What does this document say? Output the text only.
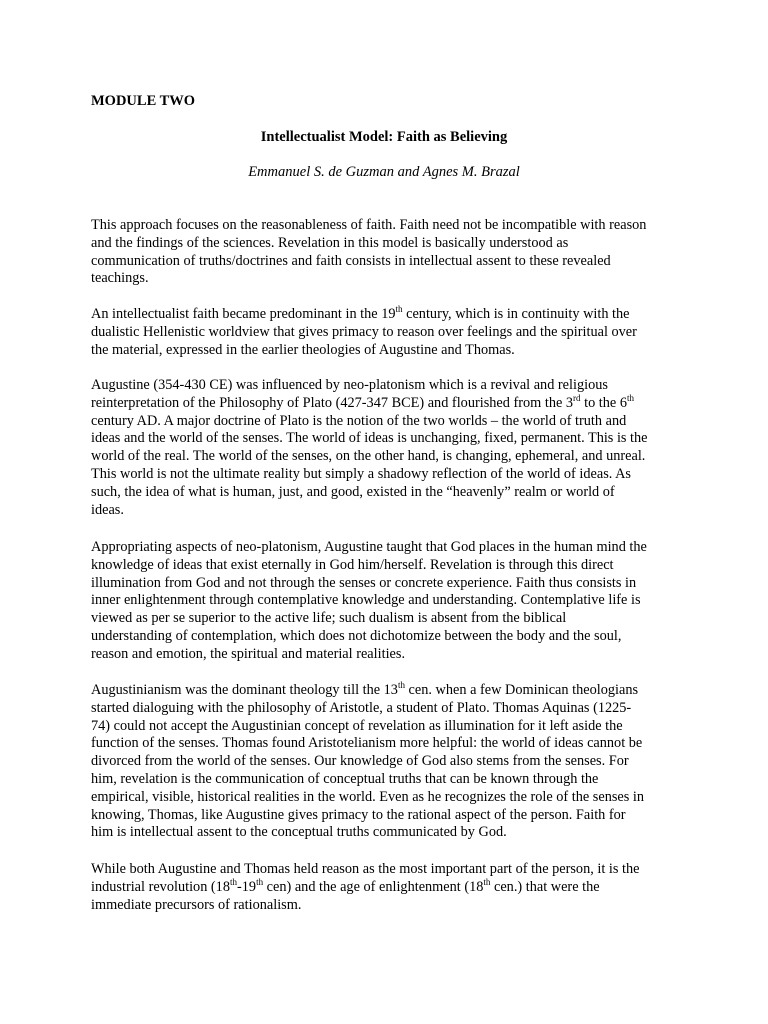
MODULE TWO

Intellectualist Model: Faith as Believing

Emmanuel S. de Guzman and Agnes M. Brazal

This approach focuses on the reasonableness of faith. Faith need not be incompatible with reason
and the findings of the sciences. Revelation in this model is basically understood as
communication of truths/doctrines and faith consists in intellectual assent to these revealed
teachings.

An intellectualist faith became predominant in the 19th century, which is in continuity with the
dualistic Hellenistic worldview that gives primacy to reason over feelings and the spiritual over
the material, expressed in the earlier theologies of Augustine and Thomas.

Augustine (354-430 CE) was influenced by neo-platonism which is a revival and religious
reinterpretation of the Philosophy of Plato (427-347 BCE) and flourished from the 3rd to the 6th
century AD. A major doctrine of Plato is the notion of the two worlds – the world of truth and
ideas and the world of the senses. The world of ideas is unchanging, fixed, permanent. This is the
world of the real. The world of the senses, on the other hand, is changing, ephemeral, and unreal.
This world is not the ultimate reality but simply a shadowy reflection of the world of ideas. As
such, the idea of what is human, just, and good, existed in the “heavenly” realm or world of
ideas.

Appropriating aspects of neo-platonism, Augustine taught that God places in the human mind the
knowledge of ideas that exist eternally in God him/herself. Revelation is through this direct
illumination from God and not through the senses or concrete experience. Faith thus consists in
inner enlightenment through contemplative knowledge and understanding. Contemplative life is
viewed as per se superior to the active life; such dualism is absent from the biblical
understanding of contemplation, which does not dichotomize between the body and the soul,
reason and emotion, the spiritual and material realities.

Augustinianism was the dominant theology till the 13th cen. when a few Dominican theologians
started dialoguing with the philosophy of Aristotle, a student of Plato. Thomas Aquinas (1225-
74) could not accept the Augustinian concept of revelation as illumination for it left aside the
function of the senses. Thomas found Aristotelianism more helpful: the world of ideas cannot be
divorced from the world of the senses. Our knowledge of God also stems from the senses. For
him, revelation is the communication of conceptual truths that can be known through the
empirical, visible, historical realities in the world. Even as he recognizes the role of the senses in
knowing, Thomas, like Augustine gives primacy to the rational aspect of the person. Faith for
him is intellectual assent to the conceptual truths communicated by God.

While both Augustine and Thomas held reason as the most important part of the person, it is the
industrial revolution (18th-19th cen) and the age of enlightenment (18th cen.) that were the
immediate precursors of rationalism.
